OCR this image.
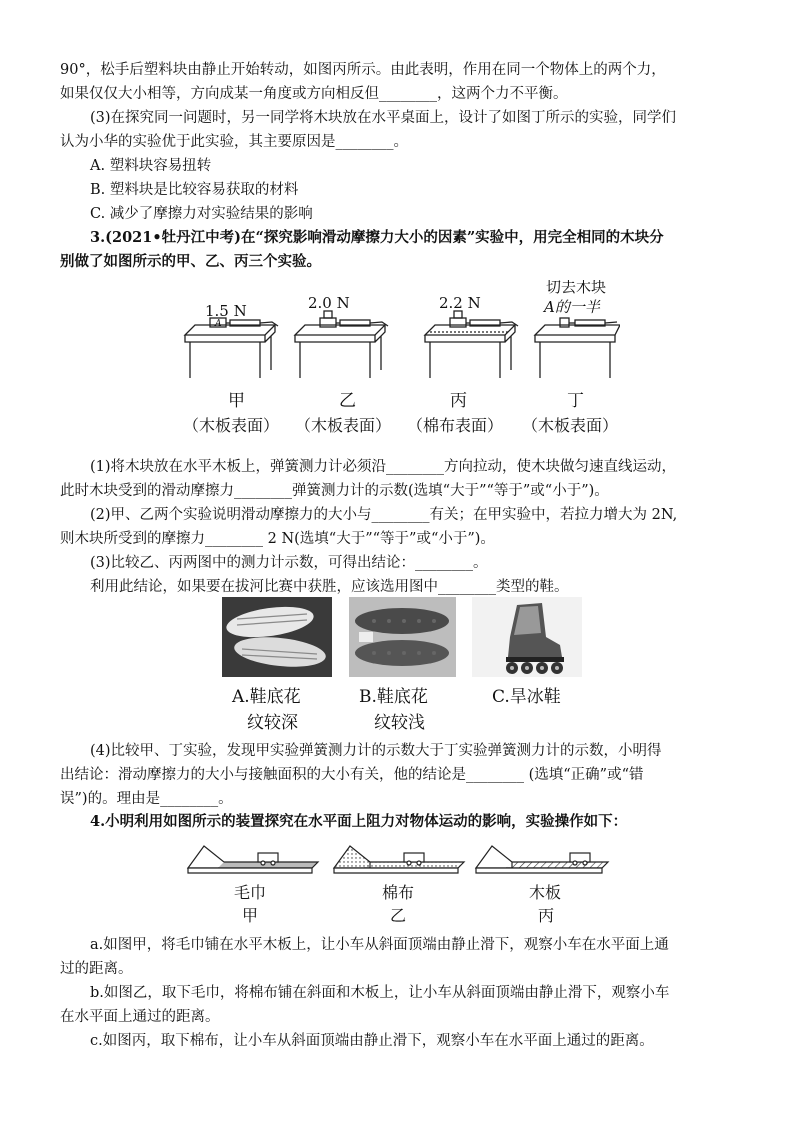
90°，松手后塑料块由静止开始转动，如图丙所示。由此表明，作用在同一个物体上的两个力，
如果仅仅大小相等，方向成某一角度或方向相反但________，这两个力不平衡。
(3)在探究同一问题时，另一同学将木块放在水平桌面上，设计了如图丁所示的实验，同学们
认为小华的实验优于此实验，其主要原因是________。
A. 塑料块容易扭转
B. 塑料块是比较容易获取的材料
C. 减少了摩擦力对实验结果的影响
3.(2021•牡丹江中考)在“探究影响滑动摩擦力大小的因素”实验中，用完全相同的木块分
别做了如图所示的甲、乙、丙三个实验。
1.5 N	2.0 N	2.2 N
切去木块
A的一半
A
甲	乙	丙	丁
（木板表面） （木板表面） （棉布表面） （木板表面）
(1)将木块放在水平木板上，弹簧测力计必须沿________方向拉动，使木块做匀速直线运动，
此时木块受到的滑动摩擦力________弹簧测力计的示数(选填“大于”“等于”或“小于”)。
(2)甲、乙两个实验说明滑动摩擦力的大小与________有关；在甲实验中，若拉力增大为 2N,
则木块所受到的摩擦力________ 2 N(选填“大于”“等于”或“小于”)。
(3)比较乙、丙两图中的测力计示数，可得出结论：________。
利用此结论，如果要在拔河比赛中获胜，应该选用图中________类型的鞋。
A.鞋底花
纹较深
B.鞋底花
纹较浅
C.旱冰鞋
(4)比较甲、丁实验，发现甲实验弹簧测力计的示数大于丁实验弹簧测力计的示数，小明得
出结论：滑动摩擦力的大小与接触面积的大小有关，他的结论是________ (选填“正确”或“错
误”)的。理由是________。
4.小明利用如图所示的装置探究在水平面上阻力对物体运动的影响，实验操作如下：
毛巾	棉布	木板
甲	乙	丙
a.如图甲，将毛巾铺在水平木板上，让小车从斜面顶端由静止滑下，观察小车在水平面上通
过的距离。
b.如图乙，取下毛巾，将棉布铺在斜面和木板上，让小车从斜面顶端由静止滑下，观察小车
在水平面上通过的距离。
c.如图丙，取下棉布，让小车从斜面顶端由静止滑下，观察小车在水平面上通过的距离。
